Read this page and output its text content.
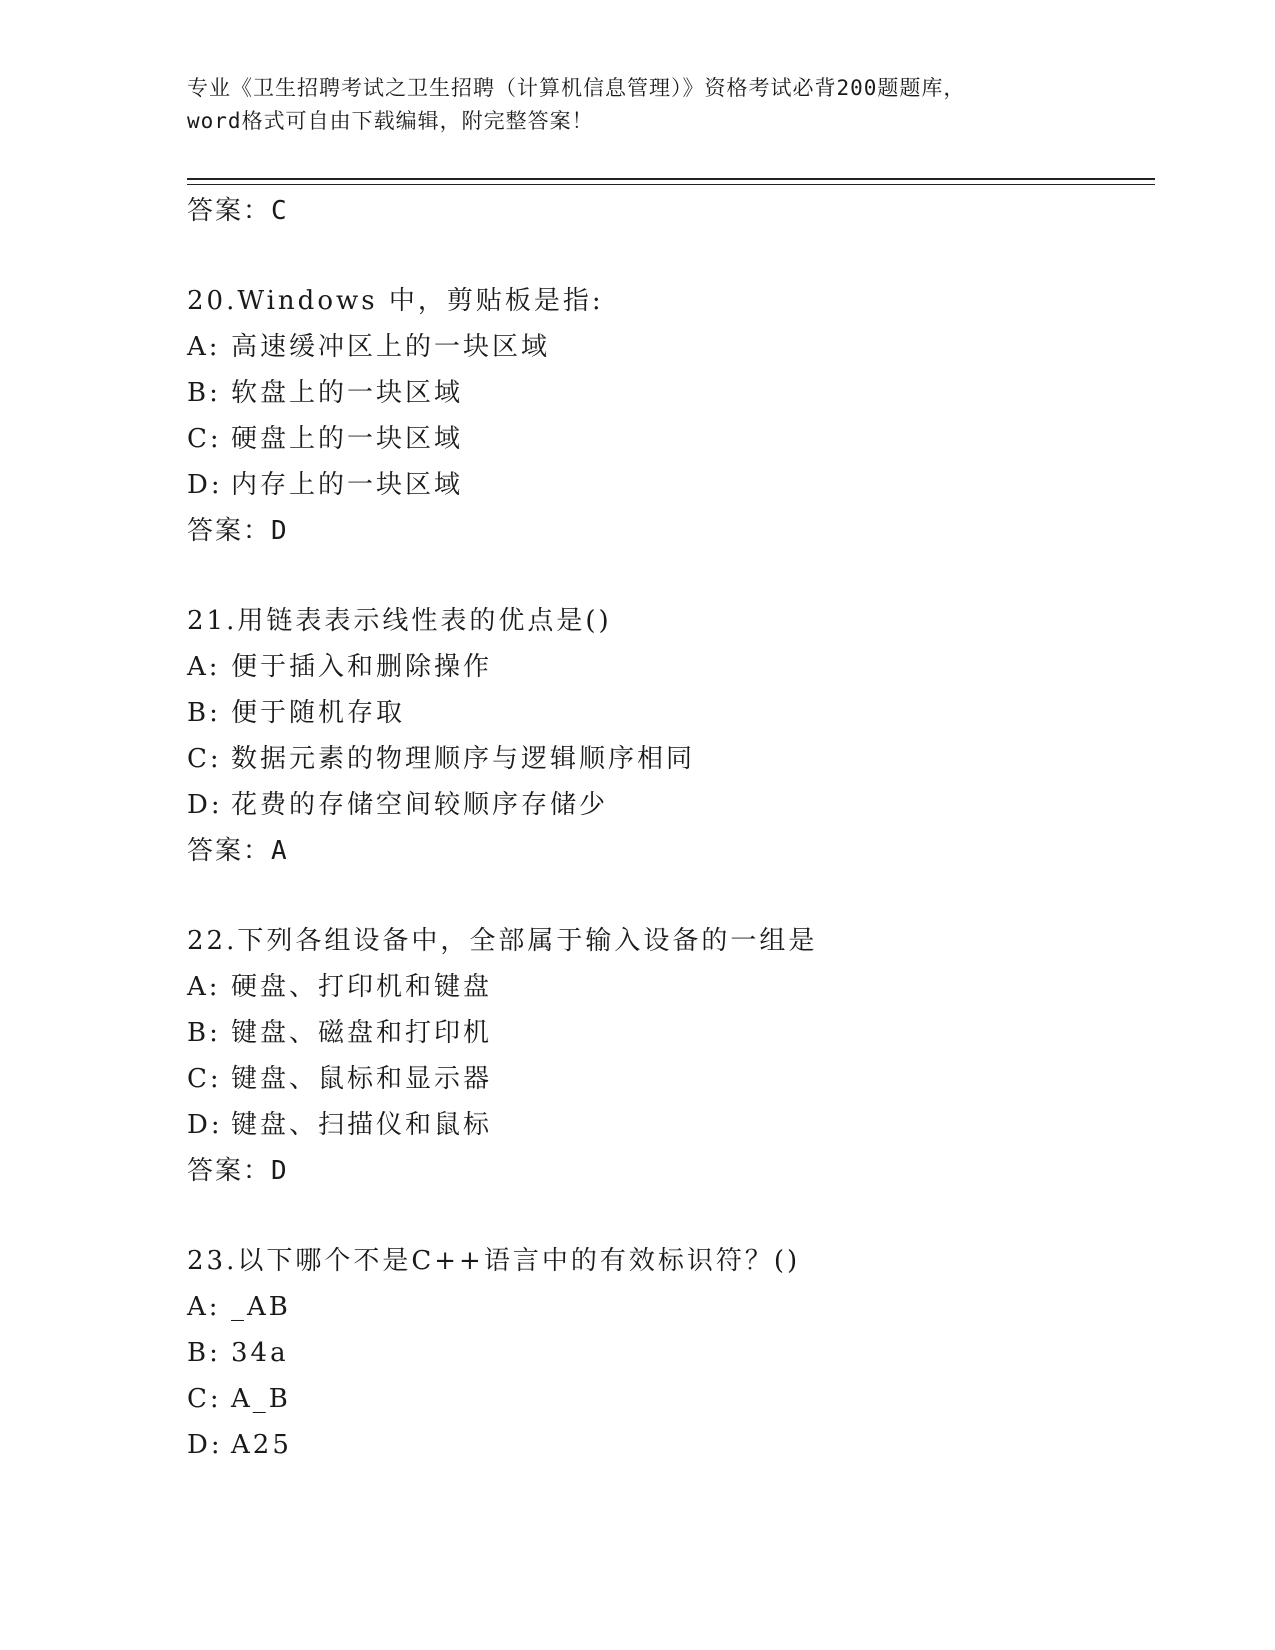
专业《卫生招聘考试之卫生招聘（计算机信息管理）》资格考试必背200题题库，
word格式可自由下载编辑，附完整答案！
答案：C
20.Windows 中，剪贴板是指:
A: 高速缓冲区上的一块区域
B: 软盘上的一块区域
C: 硬盘上的一块区域
D: 内存上的一块区域
答案：D
21.用链表表示线性表的优点是()
A: 便于插入和删除操作
B: 便于随机存取
C: 数据元素的物理顺序与逻辑顺序相同
D: 花费的存储空间较顺序存储少
答案：A
22.下列各组设备中，全部属于输入设备的一组是
A: 硬盘、打印机和键盘
B: 键盘、磁盘和打印机
C: 键盘、鼠标和显示器
D: 键盘、扫描仪和鼠标
答案：D
23.以下哪个不是C++语言中的有效标识符？()
A: _AB
B: 34a
C: A_B
D: A25
